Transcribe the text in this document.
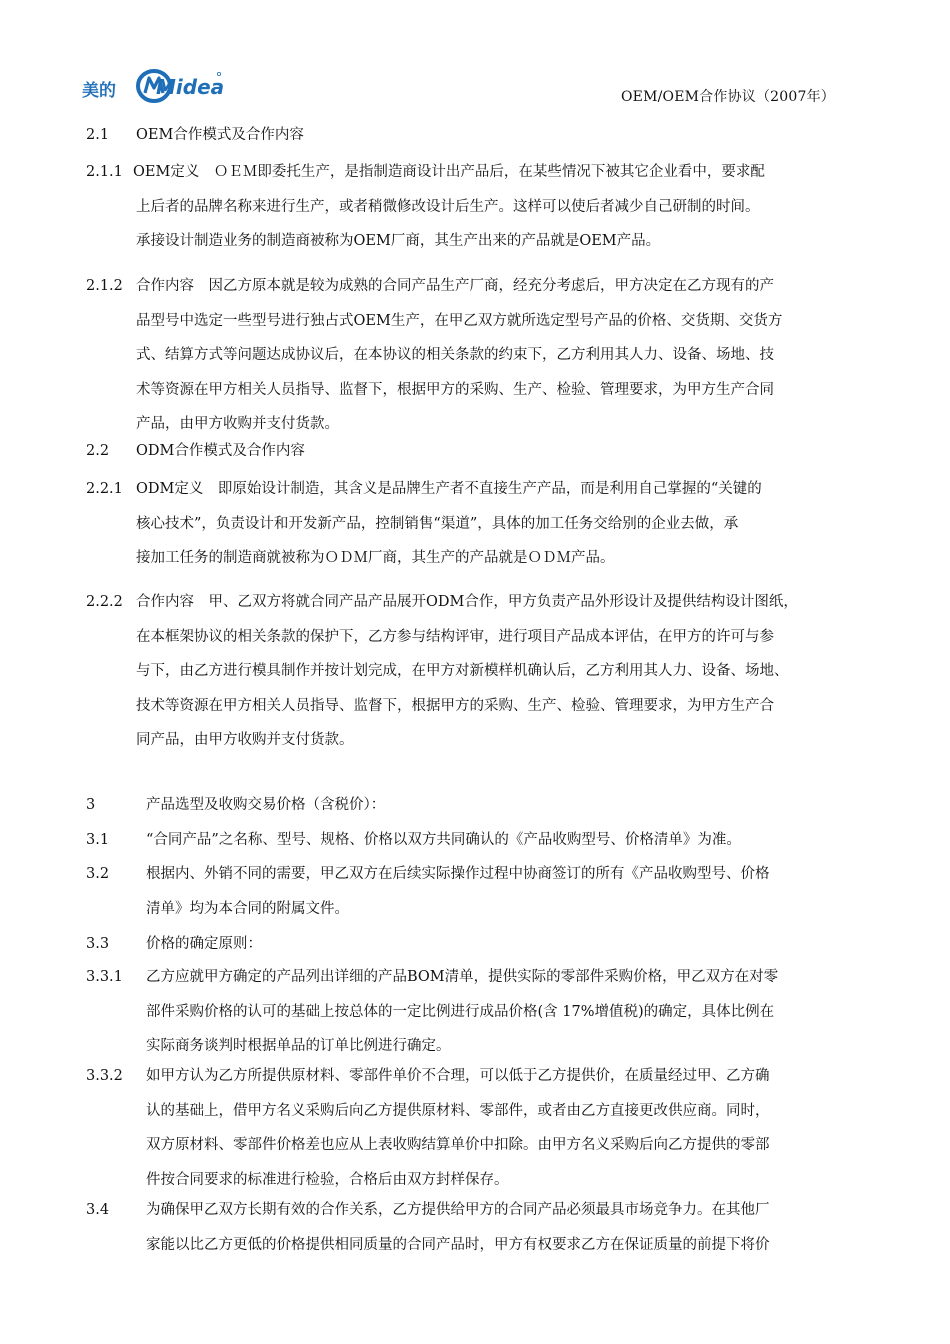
美的 Midea	OEM/OEM合作协议（2007年）
2.1 OEM合作模式及合作内容
2.1.1 OEM定义　ＯＥＭ即委托生产，是指制造商设计出产品后，在某些情况下被其它企业看中，要求配
上后者的品牌名称来进行生产，或者稍微修改设计后生产。这样可以使后者减少自己研制的时间。
承接设计制造业务的制造商被称为OEM厂商，其生产出来的产品就是OEM产品。
2.1.2 合作内容　因乙方原本就是较为成熟的合同产品生产厂商，经充分考虑后，甲方决定在乙方现有的产
品型号中选定一些型号进行独占式OEM生产，在甲乙双方就所选定型号产品的价格、交货期、交货方
式、结算方式等问题达成协议后，在本协议的相关条款的约束下，乙方利用其人力、设备、场地、技
术等资源在甲方相关人员指导、监督下，根据甲方的采购、生产、检验、管理要求，为甲方生产合同
产品，由甲方收购并支付货款。
2.2 ODM合作模式及合作内容
2.2.1 ODM定义　即原始设计制造，其含义是品牌生产者不直接生产产品，而是利用自己掌握的“关键的
核心技术”，负责设计和开发新产品，控制销售“渠道”，具体的加工任务交给别的企业去做，承
接加工任务的制造商就被称为ＯＤＭ厂商，其生产的产品就是ＯＤＭ产品。
2.2.2 合作内容　甲、乙双方将就合同产品产品展开ODM合作，甲方负责产品外形设计及提供结构设计图纸，
在本框架协议的相关条款的保护下，乙方参与结构评审，进行项目产品成本评估，在甲方的许可与参
与下，由乙方进行模具制作并按计划完成，在甲方对新模样机确认后，乙方利用其人力、设备、场地、
技术等资源在甲方相关人员指导、监督下，根据甲方的采购、生产、检验、管理要求，为甲方生产合
同产品，由甲方收购并支付货款。
3	产品选型及收购交易价格（含税价）：
3.1	“合同产品”之名称、型号、规格、价格以双方共同确认的《产品收购型号、价格清单》为准。
3.2	根据内、外销不同的需要，甲乙双方在后续实际操作过程中协商签订的所有《产品收购型号、价格
清单》均为本合同的附属文件。
3.3	价格的确定原则：
3.3.1 乙方应就甲方确定的产品列出详细的产品BOM清单，提供实际的零部件采购价格，甲乙双方在对零
部件采购价格的认可的基础上按总体的一定比例进行成品价格(含 17%增值税)的确定，具体比例在
实际商务谈判时根据单品的订单比例进行确定。
3.3.2 如甲方认为乙方所提供原材料、零部件单价不合理，可以低于乙方提供价，在质量经过甲、乙方确
认的基础上，借甲方名义采购后向乙方提供原材料、零部件，或者由乙方直接更改供应商。同时，
双方原材料、零部件价格差也应从上表收购结算单价中扣除。由甲方名义采购后向乙方提供的零部
件按合同要求的标准进行检验，合格后由双方封样保存。
3.4	为确保甲乙双方长期有效的合作关系，乙方提供给甲方的合同产品必须最具市场竞争力。在其他厂
家能以比乙方更低的价格提供相同质量的合同产品时，甲方有权要求乙方在保证质量的前提下将价
